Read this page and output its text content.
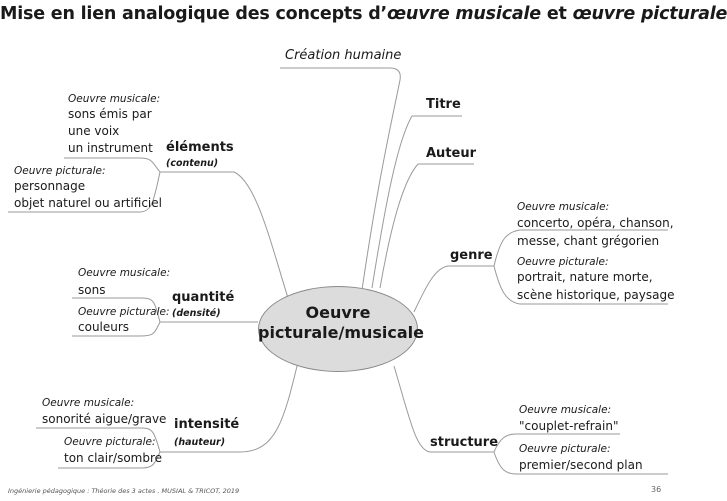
Mise en lien analogique des concepts d’œuvre musicale et œuvre picturale
Oeuvre
picturale/musicale
Création humaine
Titre
Auteur
Oeuvre musicale:
sons émis par
une voix
un instrument éléments
(contenu)
Oeuvre picturale:
personnage
objet naturel ou artificiel
Oeuvre musicale:
sons	quantité
(densité)
Oeuvre picturale:
couleurs
Oeuvre musicale:
sonorité aigue/grave intensité
(hauteur)
Oeuvre picturale:
ton clair/sombre
Oeuvre musicale:
concerto, opéra, chanson,
messe, chant grégorien
genre Oeuvre picturale:
portrait, nature morte,
scène historique, paysage
Oeuvre musicale:
"couplet-refrain"
structure Oeuvre picturale:
premier/second plan
Ingénierie pédagogique : Théorie des 3 actes . MUSIAL & TRICOT, 2019	36
